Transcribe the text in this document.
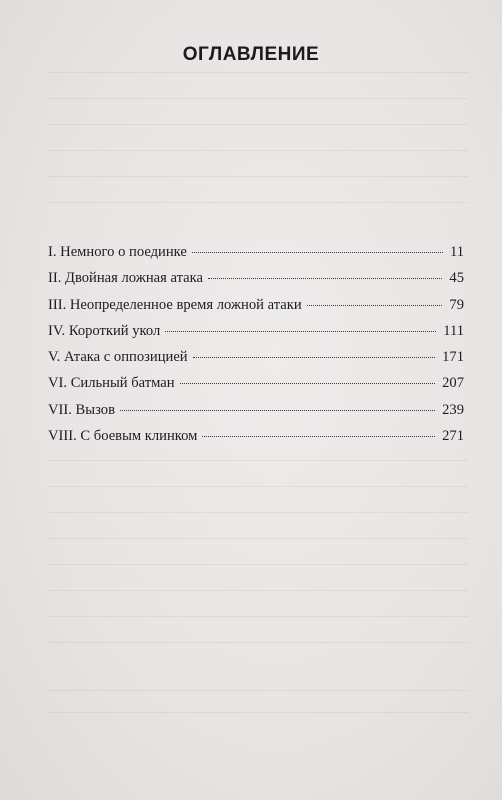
ОГЛАВЛЕНИЕ
I. Немного о поединке	11
II. Двойная ложная атака	45
III. Неопределенное время ложной атаки	79
IV. Короткий укол	111
V. Атака с оппозицией	171
VI. Сильный батман	207
VII. Вызов	239
VIII. С боевым клинком	271
